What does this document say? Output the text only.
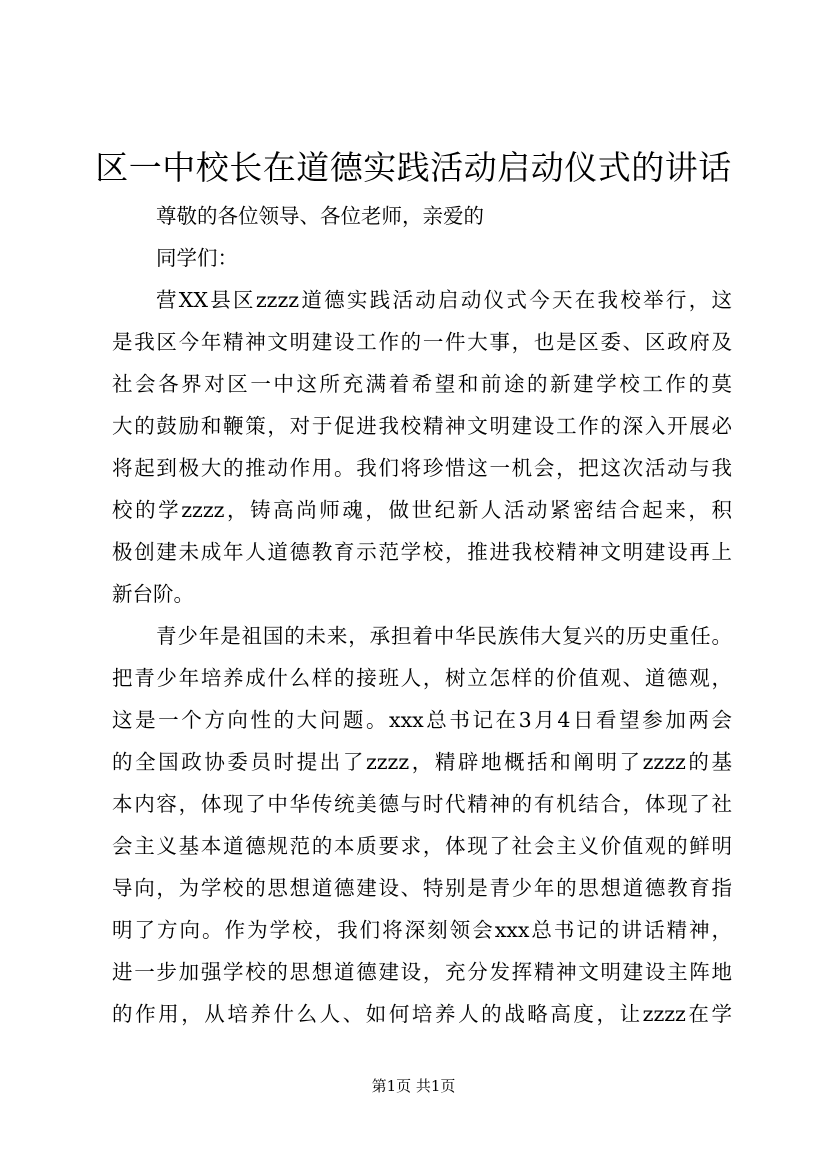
区一中校长在道德实践活动启动仪式的讲话
尊敬的各位领导、各位老师，亲爱的
同学们：
营XX县区zzzz道德实践活动启动仪式今天在我校举行，这
是我区今年精神文明建设工作的一件大事，也是区委、区政府及
社会各界对区一中这所充满着希望和前途的新建学校工作的莫
大的鼓励和鞭策，对于促进我校精神文明建设工作的深入开展必
将起到极大的推动作用。我们将珍惜这一机会，把这次活动与我
校的学zzzz，铸高尚师魂，做世纪新人活动紧密结合起来，积
极创建未成年人道德教育示范学校，推进我校精神文明建设再上
新台阶。
青少年是祖国的未来，承担着中华民族伟大复兴的历史重任。
把青少年培养成什么样的接班人，树立怎样的价值观、道德观，
这是一个方向性的大问题。xxx总书记在3月4日看望参加两会
的全国政协委员时提出了zzzz，精辟地概括和阐明了zzzz的基
本内容，体现了中华传统美德与时代精神的有机结合，体现了社
会主义基本道德规范的本质要求，体现了社会主义价值观的鲜明
导向，为学校的思想道德建设、特别是青少年的思想道德教育指
明了方向。作为学校，我们将深刻领会xxx总书记的讲话精神，
进一步加强学校的思想道德建设，充分发挥精神文明建设主阵地
的作用，从培养什么人、如何培养人的战略高度，让zzzz在学
第1页 共1页
